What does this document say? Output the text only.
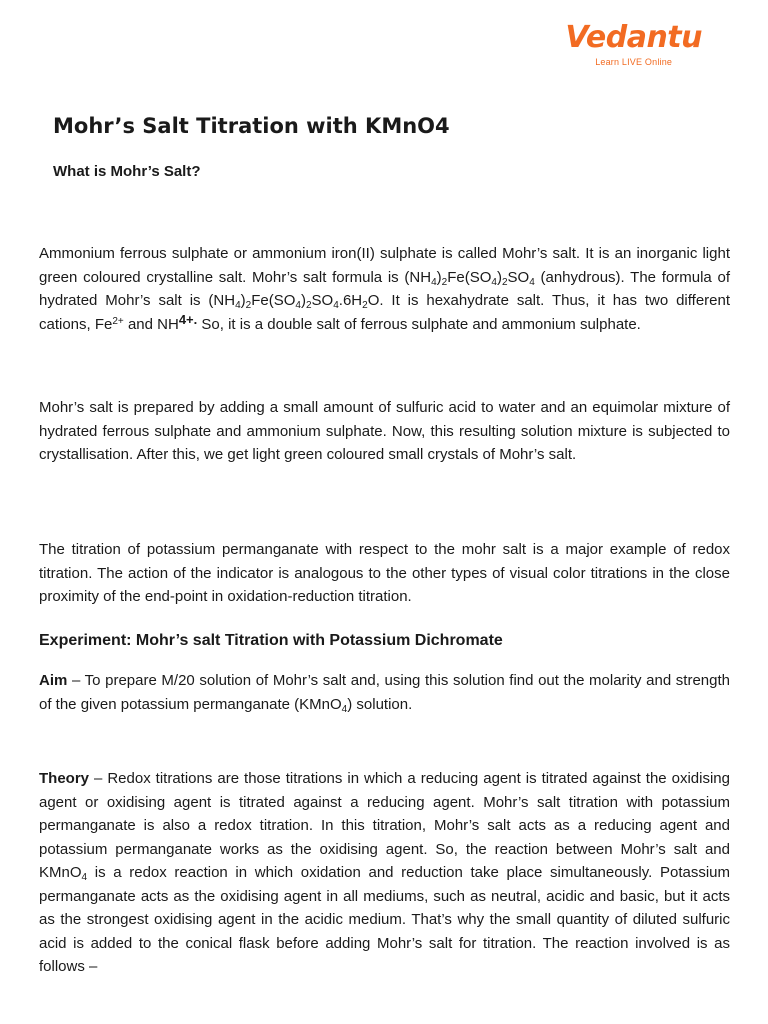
Vedantu
Learn LIVE Online
Mohr’s Salt Titration with KMnO4
What is Mohr’s Salt?

Ammonium ferrous sulphate or ammonium iron(II) sulphate is called Mohr’s salt. It is an inorganic light green coloured crystalline salt. Mohr’s salt formula is $(NH_4)_2Fe(SO_4)_2SO_4$ (anhydrous). The formula of hydrated Mohr’s salt is $(NH_4)_2Fe(SO_4)_2SO_4.6H_2O$. It is hexahydrate salt. Thus, it has two different cations, $Fe^{2+}$ and $NH^{4+.}$ So, it is a double salt of ferrous sulphate and ammonium sulphate.

Mohr’s salt is prepared by adding a small amount of sulfuric acid to water and an equimolar mixture of hydrated ferrous sulphate and ammonium sulphate. Now, this resulting solution mixture is subjected to crystallisation. After this, we get light green coloured small crystals of Mohr’s salt.

The titration of potassium permanganate with respect to the mohr salt is a major example of redox titration. The action of the indicator is analogous to the other types of visual color titrations in the close proximity of the end-point in oxidation-reduction titration.

Experiment: Mohr’s salt Titration with Potassium Dichromate

Aim – To prepare M/20 solution of Mohr’s salt and, using this solution find out the molarity and strength of the given potassium permanganate (KMnO$_4$) solution.

Theory – Redox titrations are those titrations in which a reducing agent is titrated against the oxidising agent or oxidising agent is titrated against a reducing agent. Mohr’s salt titration with potassium permanganate is also a redox titration. In this titration, Mohr’s salt acts as a reducing agent and potassium permanganate works as the oxidising agent. So, the reaction between Mohr’s salt and KMnO$_4$ is a redox reaction in which oxidation and reduction take place simultaneously. Potassium permanganate acts as the oxidising agent in all mediums, such as neutral, acidic and basic, but it acts as the strongest oxidising agent in the acidic medium. That’s why the small quantity of diluted sulfuric acid is added to the conical flask before adding Mohr’s salt for titration. The reaction involved is as follows –
